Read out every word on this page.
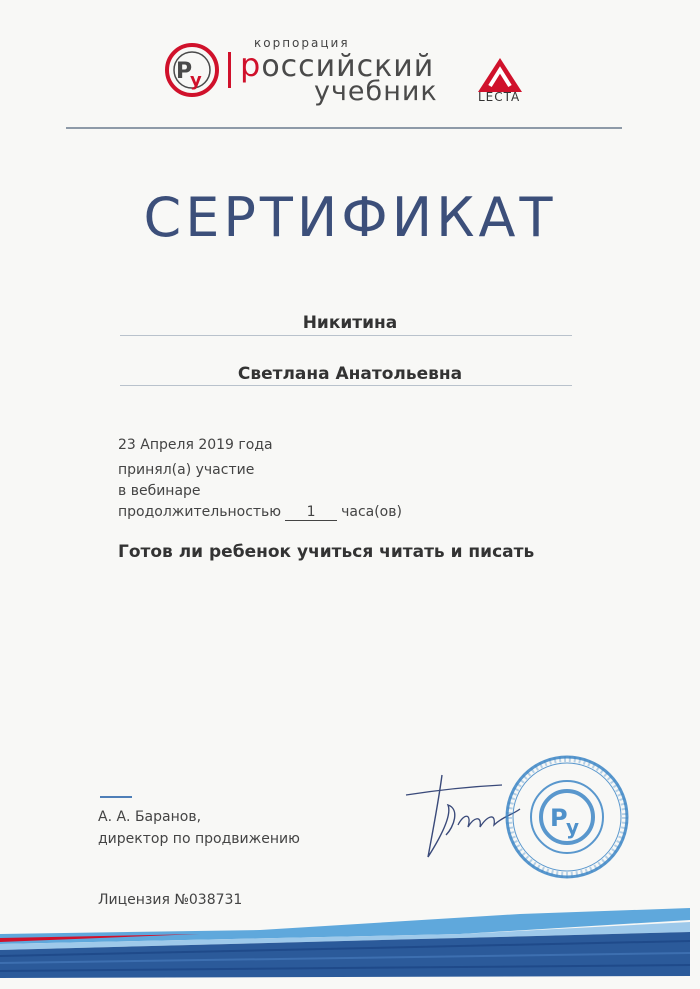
Р
у
корпорация
российский
учебник	LECTA
СЕРТИФИКАТ
Никитина
Светлана Анатольевна
23 Апреля 2019 года
принял(а) участие
в вебинаре
продолжительностью 1 часа(ов)
Готов ли ребенок учиться читать и писать
А. А. Баранов,
директор по продвижению
Р
у
Лицензия №038731
